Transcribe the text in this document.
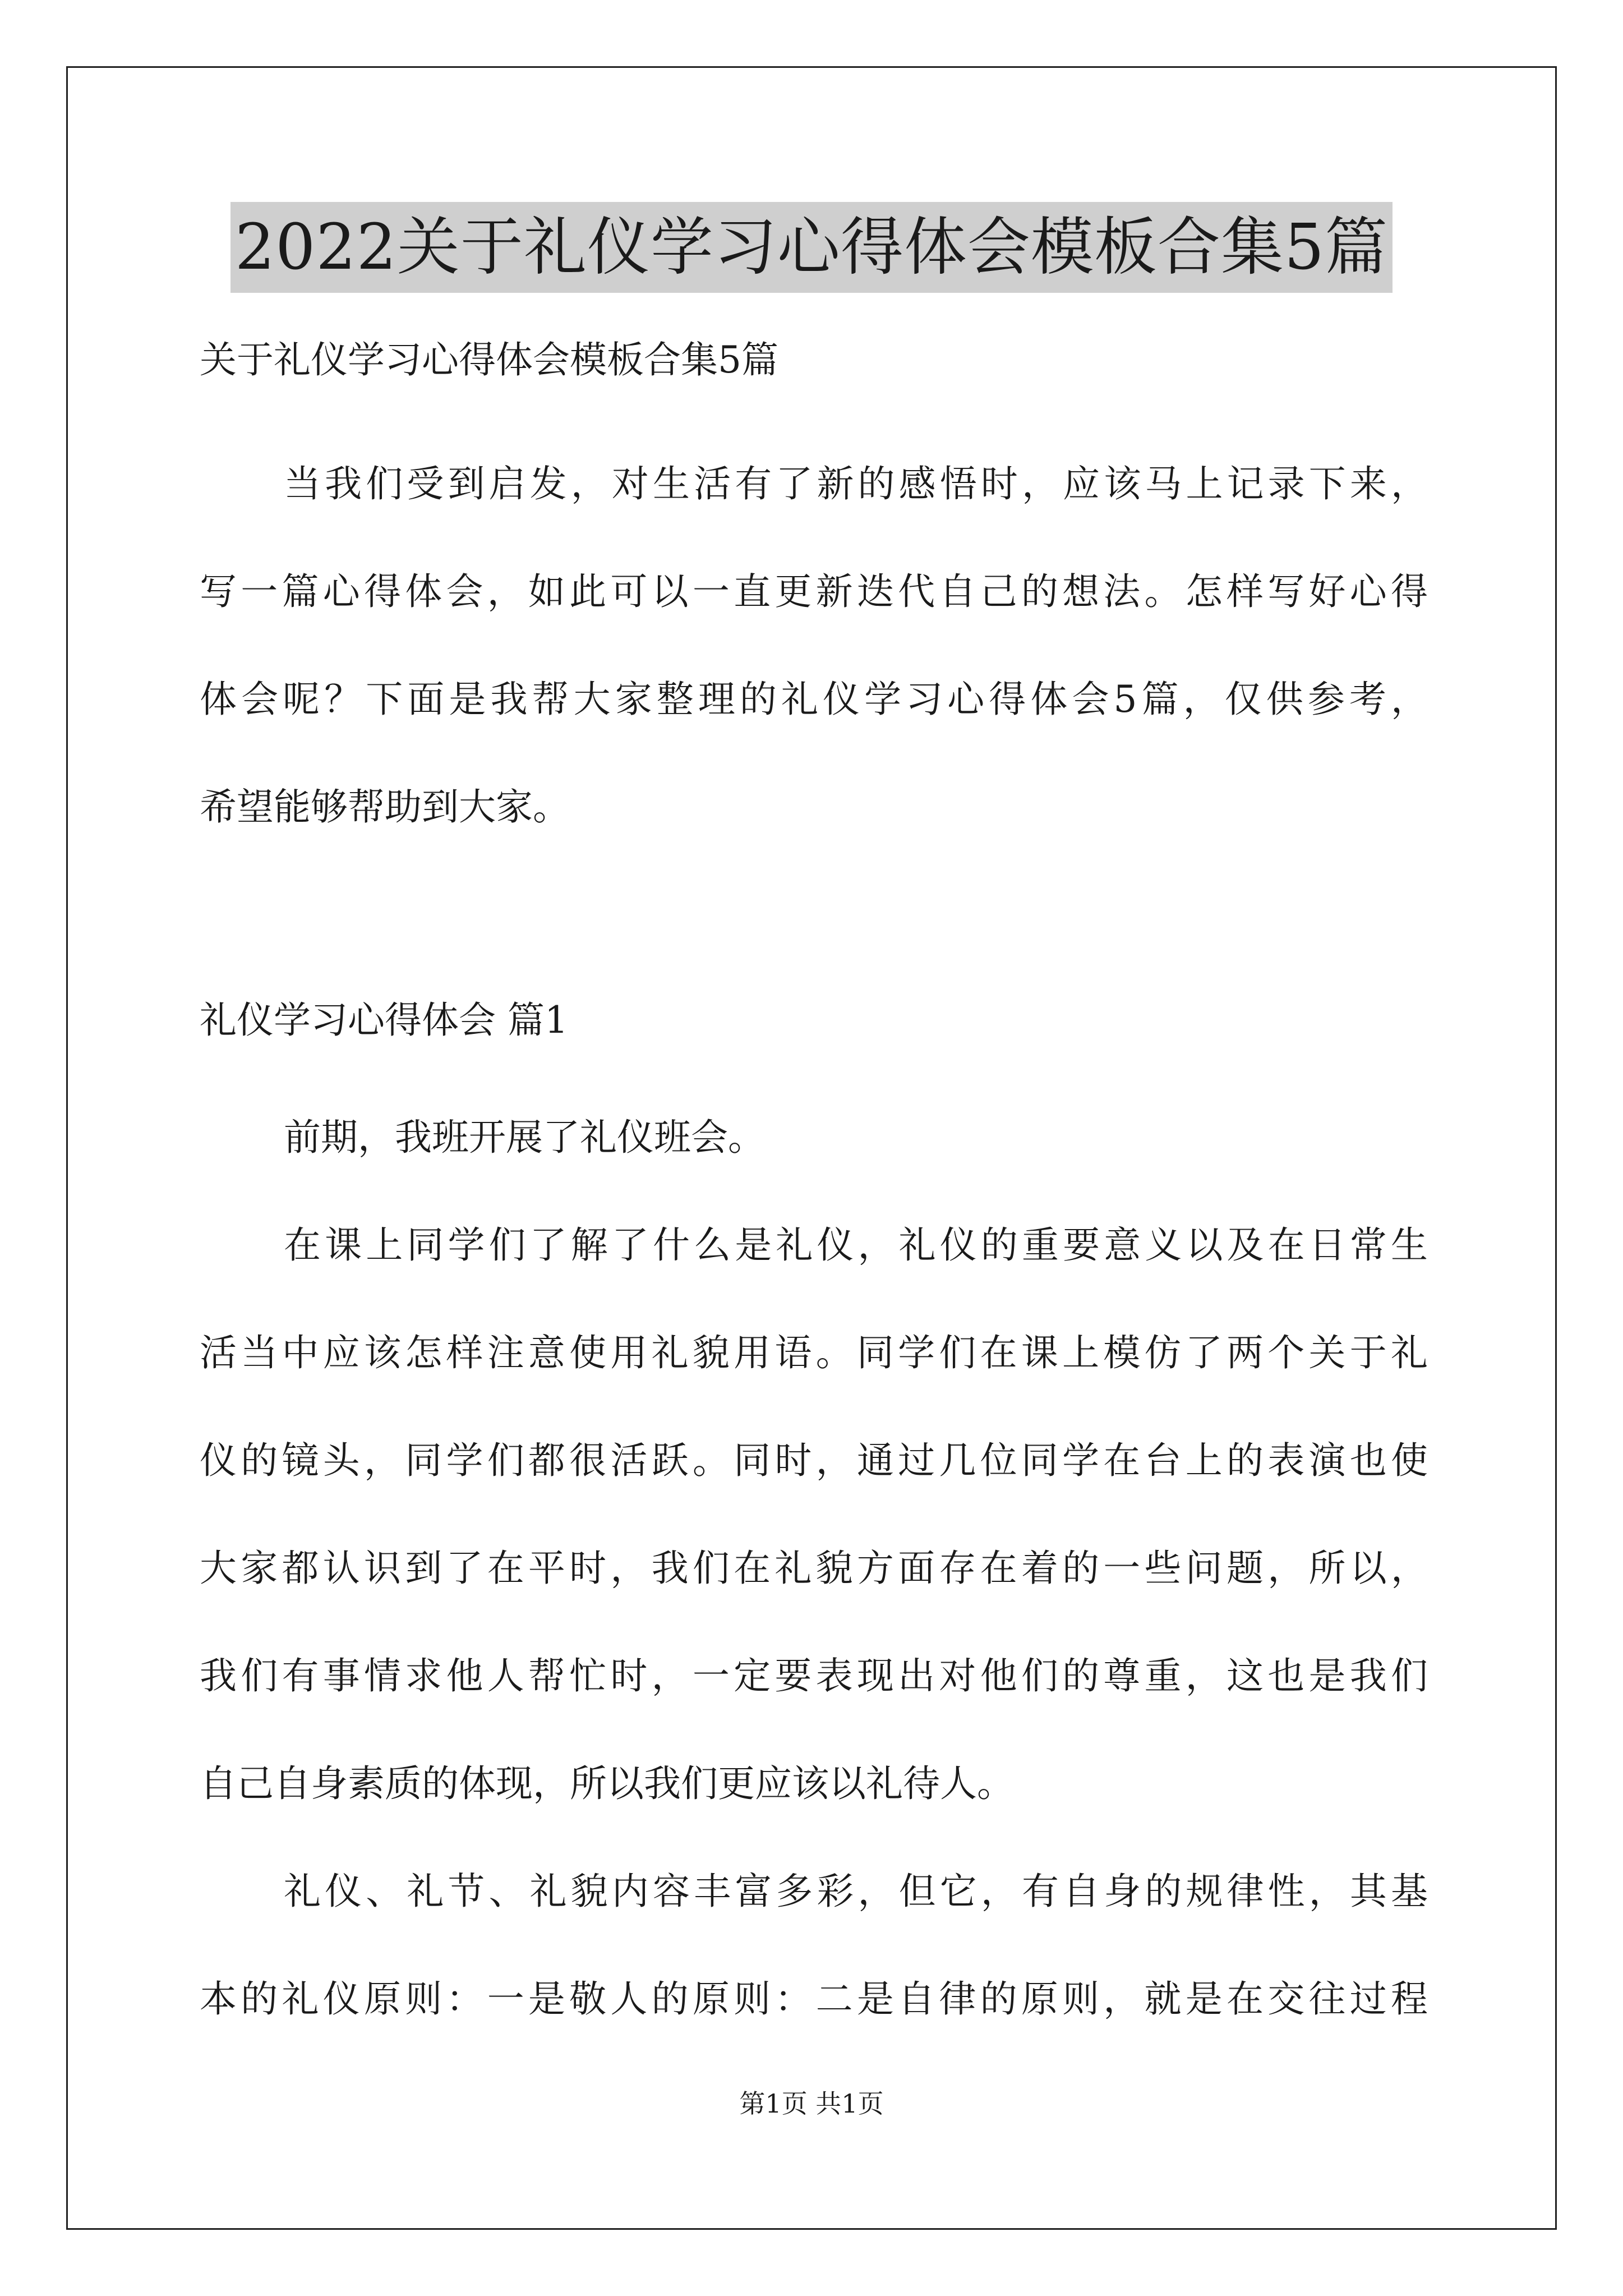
2022关于礼仪学习心得体会模板合集5篇
关于礼仪学习心得体会模板合集5篇
当我们受到启发，对生活有了新的感悟时，应该马上记录下来，
写一篇心得体会，如此可以一直更新迭代自己的想法。怎样写好心得
体会呢？下面是我帮大家整理的礼仪学习心得体会5篇，仅供参考，
希望能够帮助到大家。
礼仪学习心得体会 篇1
前期，我班开展了礼仪班会。
在课上同学们了解了什么是礼仪，礼仪的重要意义以及在日常生
活当中应该怎样注意使用礼貌用语。同学们在课上模仿了两个关于礼
仪的镜头，同学们都很活跃。同时，通过几位同学在台上的表演也使
大家都认识到了在平时，我们在礼貌方面存在着的一些问题，所以，
我们有事情求他人帮忙时，一定要表现出对他们的尊重，这也是我们
自己自身素质的体现，所以我们更应该以礼待人。
礼仪、礼节、礼貌内容丰富多彩，但它，有自身的规律性，其基
本的礼仪原则：一是敬人的原则：二是自律的原则，就是在交往过程
第1页 共1页
